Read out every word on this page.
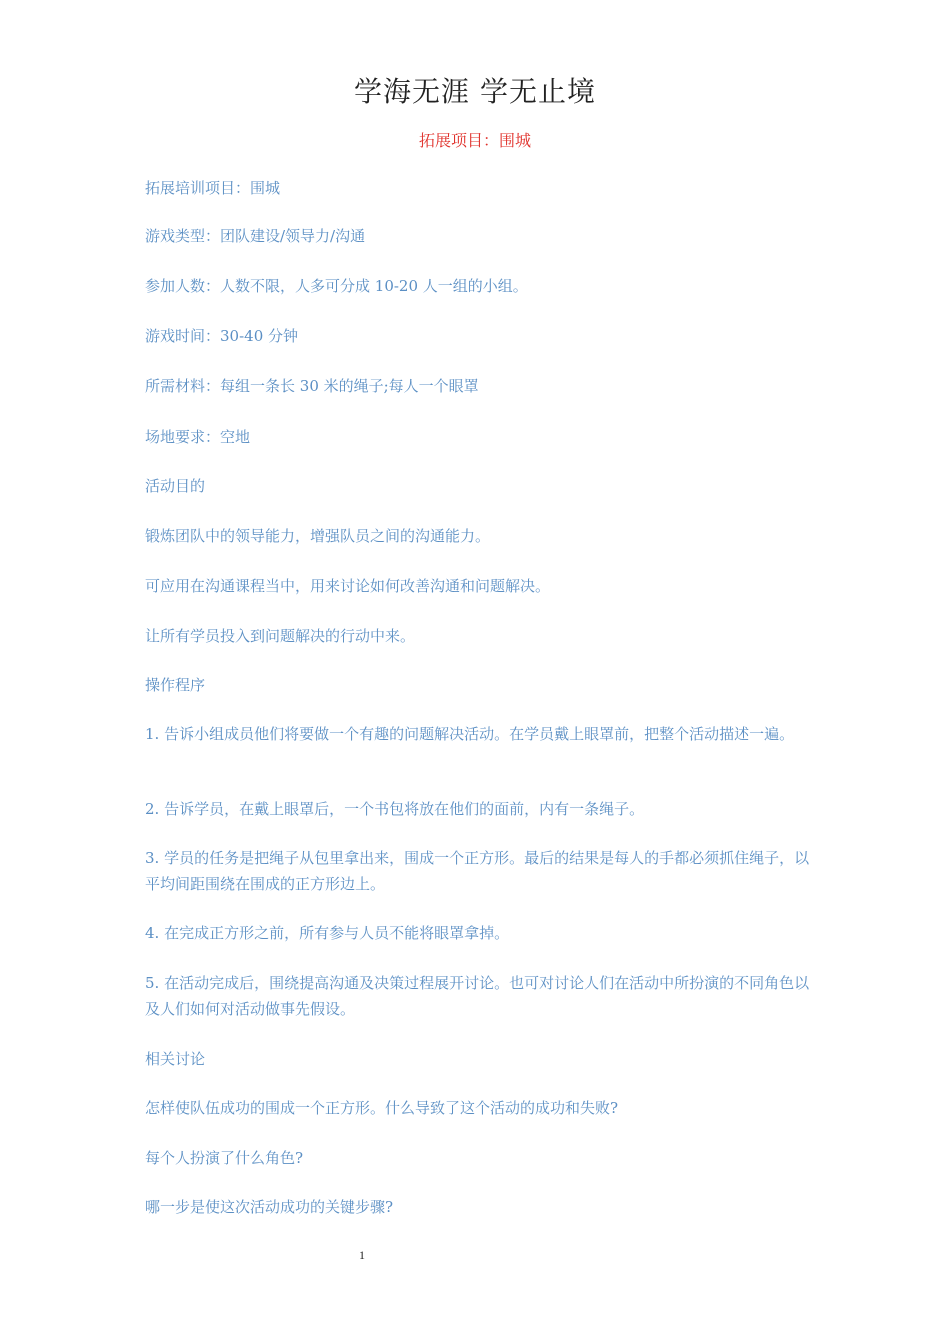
学海无涯 学无止境
拓展项目：围城

拓展培训项目：围城

游戏类型：团队建设/领导力/沟通

参加人数：人数不限，人多可分成 10-20 人一组的小组。

游戏时间：30-40 分钟

所需材料：每组一条长 30 米的绳子;每人一个眼罩

场地要求：空地

活动目的

锻炼团队中的领导能力，增强队员之间的沟通能力。

可应用在沟通课程当中，用来讨论如何改善沟通和问题解决。

让所有学员投入到问题解决的行动中来。

操作程序

1. 告诉小组成员他们将要做一个有趣的问题解决活动。在学员戴上眼罩前，把整个活动描述一遍。

2. 告诉学员，在戴上眼罩后，一个书包将放在他们的面前，内有一条绳子。

3. 学员的任务是把绳子从包里拿出来，围成一个正方形。最后的结果是每人的手都必须抓住绳子，以平均间距围绕在围成的正方形边上。

4. 在完成正方形之前，所有参与人员不能将眼罩拿掉。

5. 在活动完成后，围绕提高沟通及决策过程展开讨论。也可对讨论人们在活动中所扮演的不同角色以及人们如何对活动做事先假设。

相关讨论

怎样使队伍成功的围成一个正方形。什么导致了这个活动的成功和失败?

每个人扮演了什么角色?

哪一步是使这次活动成功的关键步骤?

1
